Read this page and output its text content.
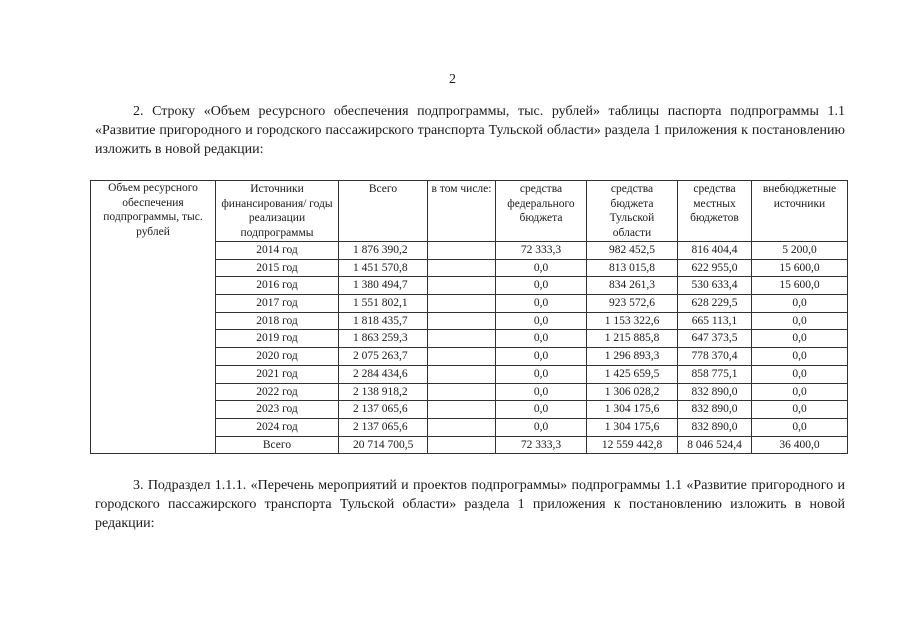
2

2. Строку «Объем ресурсного обеспечения подпрограммы, тыс. рублей» таблицы паспорта подпрограммы 1.1 «Развитие пригородного и городского пассажирского транспорта Тульской области» раздела 1 приложения к постановлению изложить в новой редакции:

Объем ресурсного обеспечения подпрограммы, тыс. рублей	Источники финансирования/ годы реализации подпрограммы	Всего	в том числе:	средства федерального бюджета	средства бюджета Тульской области	средства местных бюджетов	внебюджетные источники
	2014 год	1 876 390,2		72 333,3	982 452,5	816 404,4	5 200,0
	2015 год	1 451 570,8		0,0	813 015,8	622 955,0	15 600,0
	2016 год	1 380 494,7		0,0	834 261,3	530 633,4	15 600,0
	2017 год	1 551 802,1		0,0	923 572,6	628 229,5	0,0
	2018 год	1 818 435,7		0,0	1 153 322,6	665 113,1	0,0
	2019 год	1 863 259,3		0,0	1 215 885,8	647 373,5	0,0
	2020 год	2 075 263,7		0,0	1 296 893,3	778 370,4	0,0
	2021 год	2 284 434,6		0,0	1 425 659,5	858 775,1	0,0
	2022 год	2 138 918,2		0,0	1 306 028,2	832 890,0	0,0
	2023 год	2 137 065,6		0,0	1 304 175,6	832 890,0	0,0
	2024 год	2 137 065,6		0,0	1 304 175,6	832 890,0	0,0
	Всего	20 714 700,5		72 333,3	12 559 442,8	8 046 524,4	36 400,0

3. Подраздел 1.1.1. «Перечень мероприятий и проектов подпрограммы» подпрограммы 1.1 «Развитие пригородного и городского пассажирского транспорта Тульской области» раздела 1 приложения к постановлению изложить в новой редакции:
